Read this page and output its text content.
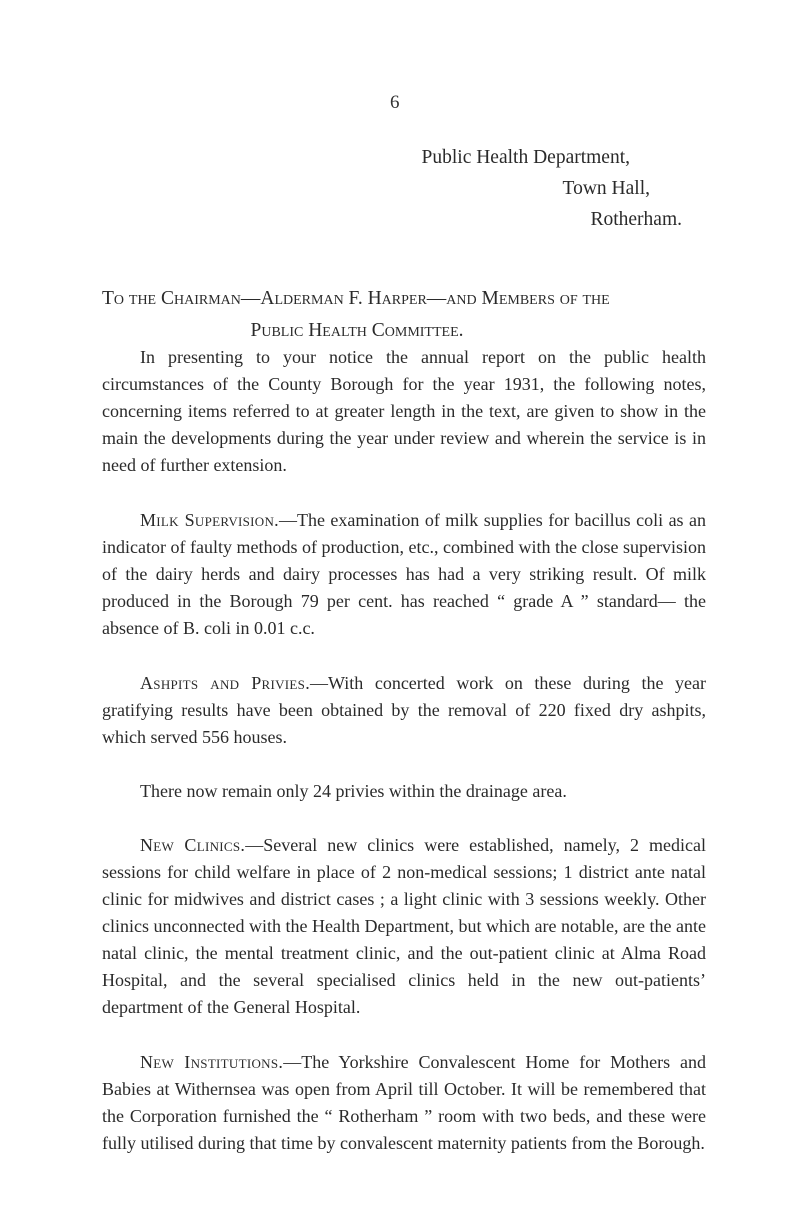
6
Public Health Department,
Town Hall,
Rotherham.
To the Chairman—Alderman F. Harper—and Members of the
Public Health Committee.

In presenting to your notice the annual report on the public health circumstances of the County Borough for the year 1931, the following notes, concerning items referred to at greater length in the text, are given to show in the main the developments during the year under review and wherein the service is in need of further extension.

Milk Supervision.—The examination of milk supplies for bacillus coli as an indicator of faulty methods of production, etc., combined with the close supervision of the dairy herds and dairy processes has had a very striking result. Of milk produced in the Borough 79 per cent. has reached “ grade A ” standard— the absence of B. coli in 0.01 c.c.

Ashpits and Privies.—With concerted work on these during the year gratifying results have been obtained by the removal of 220 fixed dry ashpits, which served 556 houses.

There now remain only 24 privies within the drainage area.

New Clinics.—Several new clinics were established, namely, 2 medical sessions for child welfare in place of 2 non-medical sessions; 1 district ante natal clinic for midwives and district cases ; a light clinic with 3 sessions weekly. Other clinics unconnected with the Health Department, but which are notable, are the ante natal clinic, the mental treatment clinic, and the out-patient clinic at Alma Road Hospital, and the several specialised clinics held in the new out-patients’ department of the General Hospital.

New Institutions.—The Yorkshire Convalescent Home for Mothers and Babies at Withernsea was open from April till October. It will be remembered that the Corporation furnished the “ Rotherham ” room with two beds, and these were fully utilised during that time by convalescent maternity patients from the Borough.
